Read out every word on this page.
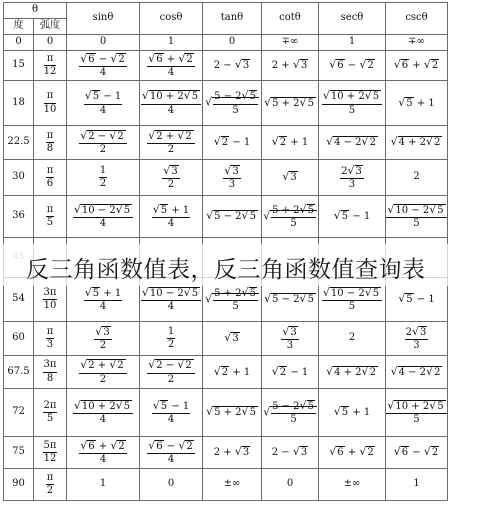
θ		sinθ	cosθ	tanθ	cotθ	secθ	cscθ
度	弧度						
0	0	0	1	0	∓∞	1	∓∞
15	$\frac{\pi}{12}$	$\frac{√6 - √2}{4}$	$\frac{√6 + √2}{4}$	2 − √3	2 + √3	√6 − √2	√6 + √2
18	$\frac{\pi}{10}$	$\frac{√5 - 1}{4}$	$\frac{√10 + 2√5}{4}$	√ $\frac{5 - 2√5}{5}$	√5 + 2√5	$\frac{√10 + 2√5}{5}$	√5 + 1
22.5	$\frac{\pi}{8}$	$\frac{√2 - √2}{2}$	$\frac{√2 + √2}{2}$	√2 − 1	√2 + 1	√4 − 2√2	√4 + 2√2
30	$\frac{\pi}{6}$	$\frac{1}{2}$	$\frac{√3}{2}$	$\frac{√3}{3}$	√3	$\frac{2√3}{3}$	2
36	$\frac{\pi}{5}$	$\frac{√10 - 2√5}{4}$	$\frac{√5 + 1}{4}$	√5 − 2√5	√ $\frac{5 + 2√5}{5}$	√5 − 1	$\frac{√10 - 2√5}{5}$

54	$\frac{3\pi}{10}$	$\frac{√5 + 1}{4}$	$\frac{√10 - 2√5}{4}$	√ $\frac{5 + 2√5}{5}$	√5 − 2√5	$\frac{√10 - 2√5}{5}$	√5 − 1
60	$\frac{\pi}{3}$	$\frac{√3}{2}$	$\frac{1}{2}$	√3	$\frac{√3}{3}$	2	$\frac{2√3}{3}$

67.5	$\frac{3\pi}{8}$	$\frac{√2 + √2}{2}$	$\frac{√2 - √2}{2}$	√2 + 1	√2 − 1	√4 + 2√2	√4 − 2√2
72	$\frac{2\pi}{5}$	$\frac{√10 + 2√5}{4}$	$\frac{√5 - 1}{4}$	√5 + 2√5	√ $\frac{5 - 2√5}{5}$	√5 + 1	$\frac{√10 + 2√5}{5}$

75	$\frac{5\pi}{12}$	$\frac{√6 + √2}{4}$	$\frac{√6 - √2}{4}$	2 + √3	2 − √3	√6 + √2	√6 − √2
90	$\frac{\pi}{2}$	1	0	±∞	0	±∞	1
反三角函数值表，反三角函数值查询表
